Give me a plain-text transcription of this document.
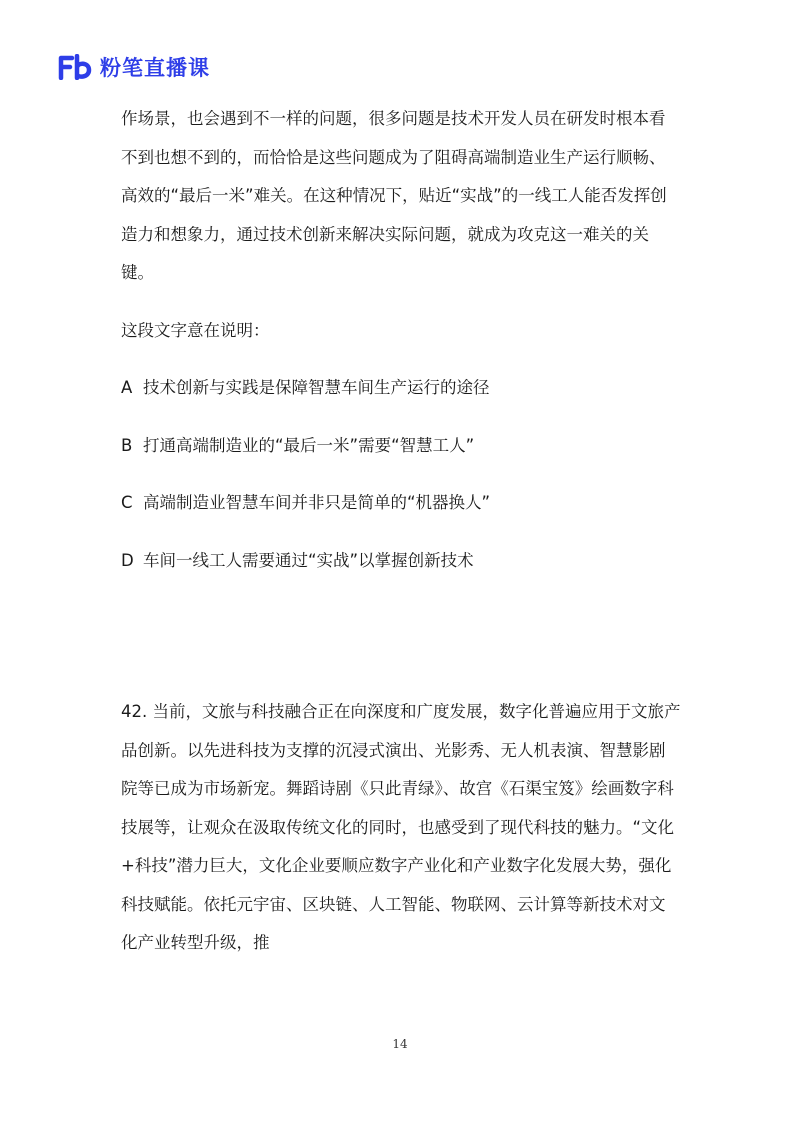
粉笔直播课

作场景，也会遇到不一样的问题，很多问题是技术开发人员在研发时根本看不到也想不到的，而恰恰是这些问题成为了阻碍高端制造业生产运行顺畅、高效的“最后一米”难关。在这种情况下，贴近“实战”的一线工人能否发挥创造力和想象力，通过技术创新来解决实际问题，就成为攻克这一难关的关键。

这段文字意在说明：
A 技术创新与实践是保障智慧车间生产运行的途径
B 打通高端制造业的“最后一米”需要“智慧工人”
C 高端制造业智慧车间并非只是简单的“机器换人”
D 车间一线工人需要通过“实战”以掌握创新技术

42. 当前，文旅与科技融合正在向深度和广度发展，数字化普遍应用于文旅产品创新。以先进科技为支撑的沉浸式演出、光影秀、无人机表演、智慧影剧院等已成为市场新宠。舞蹈诗剧《只此青绿》、故宫《石渠宝笈》绘画数字科技展等，让观众在汲取传统文化的同时，也感受到了现代科技的魅力。“文化+科技”潜力巨大，文化企业要顺应数字产业化和产业数字化发展大势，强化科技赋能。依托元宇宙、区块链、人工智能、物联网、云计算等新技术对文化产业转型升级，推

14
